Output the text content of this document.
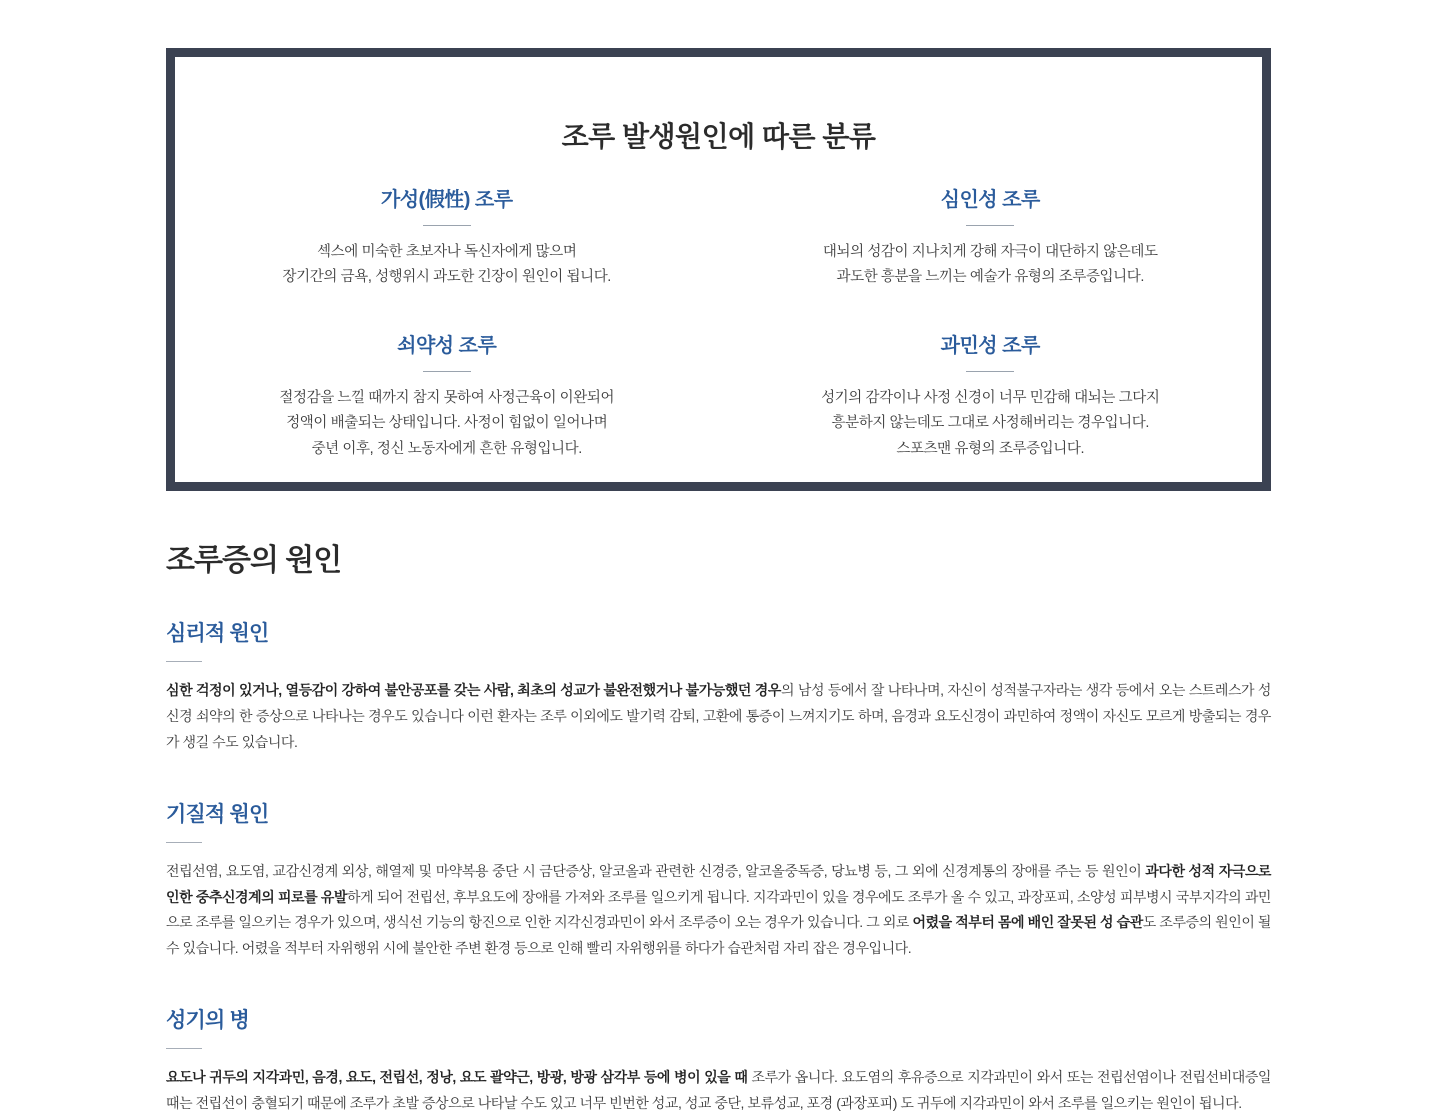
조루 발생원인에 따른 분류
가성(假性) 조루

섹스에 미숙한 초보자나 독신자에게 많으며
장기간의 금욕, 성행위시 과도한 긴장이 원인이 됩니다.

심인성 조루

대뇌의 성감이 지나치게 강해 자극이 대단하지 않은데도
과도한 흥분을 느끼는 예술가 유형의 조루증입니다.

쇠약성 조루

절정감을 느낄 때까지 참지 못하여 사정근육이 이완되어
정액이 배출되는 상태입니다. 사정이 힘없이 일어나며
중년 이후, 정신 노동자에게 흔한 유형입니다.

과민성 조루

성기의 감각이나 사정 신경이 너무 민감해 대뇌는 그다지
흥분하지 않는데도 그대로 사정해버리는 경우입니다.
스포츠맨 유형의 조루증입니다.

조루증의 원인
심리적 원인

심한 걱정이 있거나, 열등감이 강하여 불안공포를 갖는 사람, 최초의 성교가 불완전했거나 불가능했던 경우의 남성 등에서 잘 나타나며, 자신이 성적불구자라는 생각 등에서 오는 스트레스가 성신경 쇠약의 한 증상으로 나타나는 경우도 있습니다 이런 환자는 조루 이외에도 발기력 감퇴, 고환에 통증이 느껴지기도 하며, 음경과 요도신경이 과민하여 정액이 자신도 모르게 방출되는 경우가 생길 수도 있습니다.

기질적 원인

전립선염, 요도염, 교감신경계 외상, 해열제 및 마약복용 중단 시 금단증상, 알코올과 관련한 신경증, 알코올중독증, 당뇨병 등, 그 외에 신경계통의 장애를 주는 등 원인이 과다한 성적 자극으로 인한 중추신경계의 피로를 유발하게 되어 전립선, 후부요도에 장애를 가져와 조루를 일으키게 됩니다. 지각과민이 있을 경우에도 조루가 올 수 있고, 과장포피, 소양성 피부병시 국부지각의 과민으로 조루를 일으키는 경우가 있으며, 생식선 기능의 항진으로 인한 지각신경과민이 와서 조루증이 오는 경우가 있습니다. 그 외로 어렸을 적부터 몸에 배인 잘못된 성 습관도 조루증의 원인이 될 수 있습니다. 어렸을 적부터 자위행위 시에 불안한 주변 환경 등으로 인해 빨리 자위행위를 하다가 습관처럼 자리 잡은 경우입니다.

성기의 병

요도나 귀두의 지각과민, 음경, 요도, 전립선, 정낭, 요도 괄약근, 방광, 방광 삼각부 등에 병이 있을 때 조루가 옵니다. 요도염의 후유증으로 지각과민이 와서 또는 전립선염이나 전립선비대증일 때는 전립선이 충혈되기 때문에 조루가 초발 증상으로 나타날 수도 있고 너무 빈번한 성교, 성교 중단, 보류성교, 포경 (과장포피) 도 귀두에 지각과민이 와서 조루를 일으키는 원인이 됩니다.
